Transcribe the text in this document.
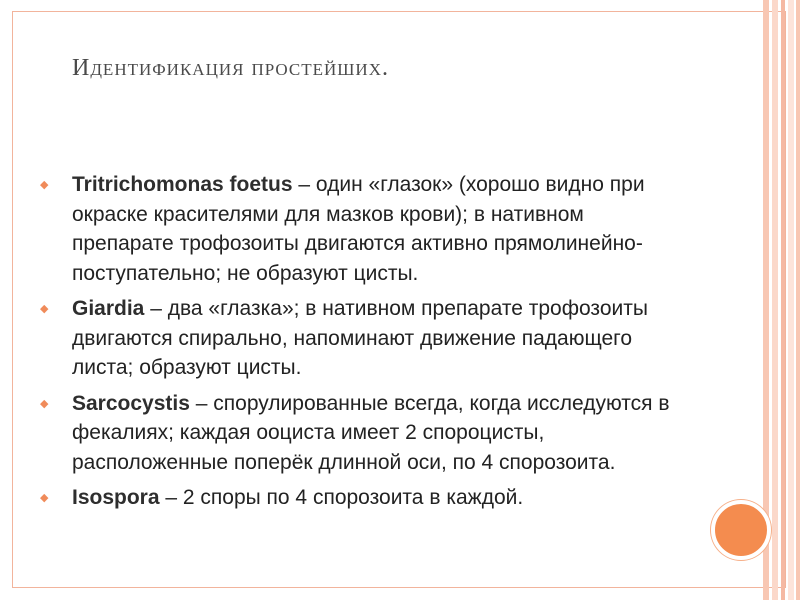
Идентификация простейших.
◆ Tritrichomonas foetus – один «глазок» (хорошо видно при окраске красителями для мазков крови); в нативном препарате трофозоиты двигаются активно прямолинейно-поступательно; не образуют цисты.
◆ Giardia – два «глазка»; в нативном препарате трофозоиты двигаются спирально, напоминают движение падающего листа; образуют цисты.
◆ Sarcocystis – спорулированные всегда, когда исследуются в фекалиях; каждая ооциста имеет 2 спороцисты, расположенные поперёк длинной оси, по 4 спорозоита.
◆ Isospora – 2 споры по 4 спорозоита в каждой.
